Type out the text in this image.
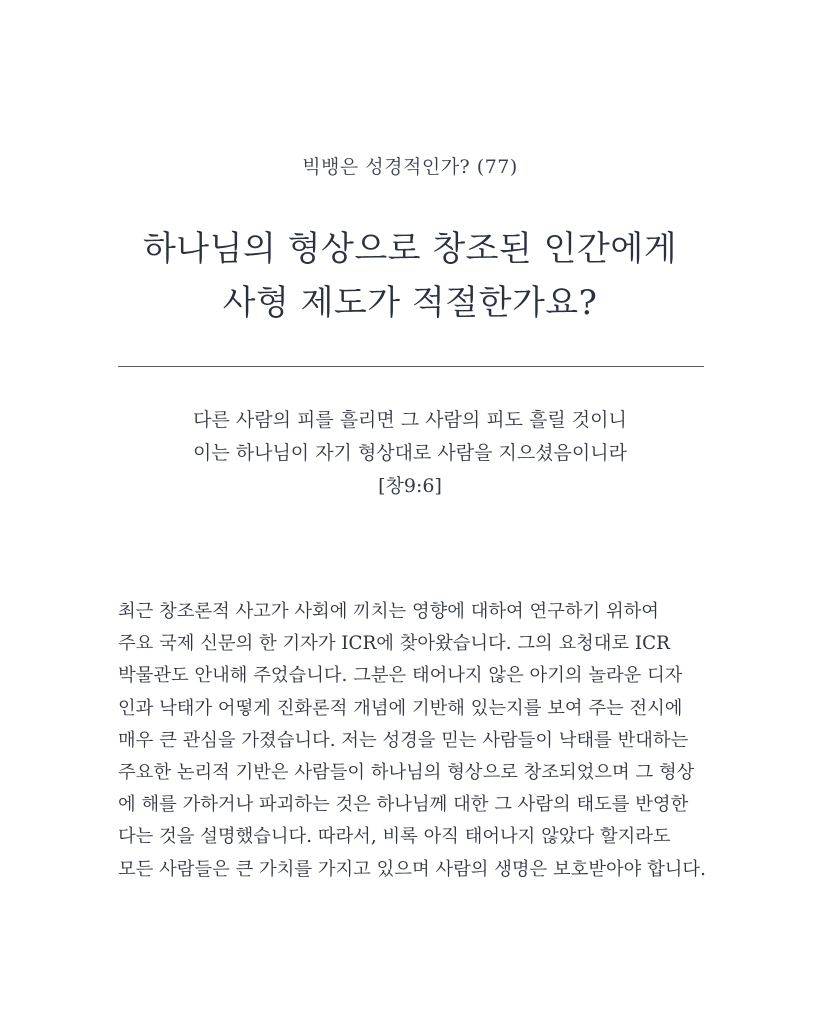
빅뱅은 성경적인가? (77)
하나님의 형상으로 창조된 인간에게
사형 제도가 적절한가요?
다른 사람의 피를 흘리면 그 사람의 피도 흘릴 것이니
이는 하나님이 자기 형상대로 사람을 지으셨음이니라
[창9:6]
최근 창조론적 사고가 사회에 끼치는 영향에 대하여 연구하기 위하여
주요 국제 신문의 한 기자가 ICR에 찾아왔습니다. 그의 요청대로 ICR
박물관도 안내해 주었습니다. 그분은 태어나지 않은 아기의 놀라운 디자
인과 낙태가 어떻게 진화론적 개념에 기반해 있는지를 보여 주는 전시에
매우 큰 관심을 가졌습니다. 저는 성경을 믿는 사람들이 낙태를 반대하는
주요한 논리적 기반은 사람들이 하나님의 형상으로 창조되었으며 그 형상
에 해를 가하거나 파괴하는 것은 하나님께 대한 그 사람의 태도를 반영한
다는 것을 설명했습니다. 따라서, 비록 아직 태어나지 않았다 할지라도
모든 사람들은 큰 가치를 가지고 있으며 사람의 생명은 보호받아야 합니다.
